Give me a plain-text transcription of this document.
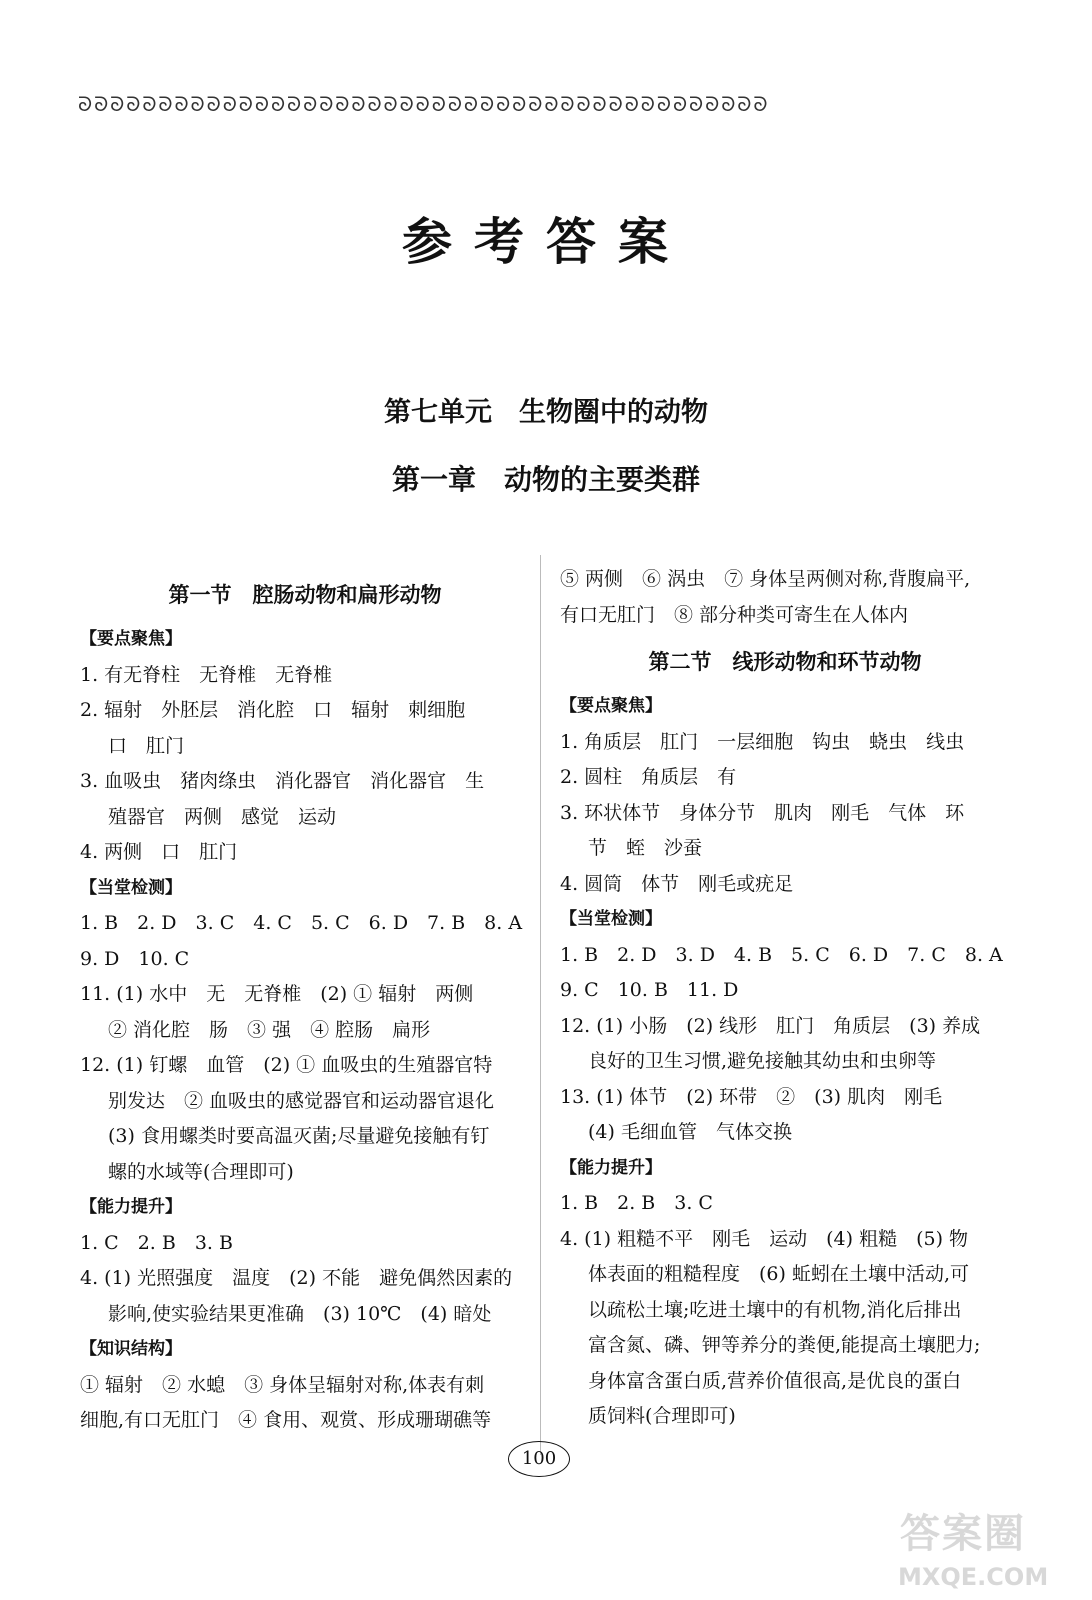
ᘐᘐᘐᘐᘐᘐᘐᘐᘐᘐᘐᘐᘐᘐᘐᘐᘐᘐᘐᘐᘐᘐᘐᘐᘐᘐᘐᘐᘐᘐᘐᘐᘐᘐᘐᘐᘐᘐᘐᘐᘐᘐᘐ
参考答案
第七单元　生物圈中的动物
第一章　动物的主要类群
第一节　腔肠动物和扁形动物
【要点聚焦】
1. 有无脊柱　无脊椎　无脊椎
2. 辐射　外胚层　消化腔　口　辐射　刺细胞
口　肛门
3. 血吸虫　猪肉绦虫　消化器官　消化器官　生
殖器官　两侧　感觉　运动
4. 两侧　口　肛门
【当堂检测】
1. B　2. D　3. C　4. C　5. C　6. D　7. B　8. A
9. D　10. C
11. (1) 水中　无　无脊椎　(2) ① 辐射　两侧
② 消化腔　肠　③ 强　④ 腔肠　扁形
12. (1) 钉螺　血管　(2) ① 血吸虫的生殖器官特
别发达　② 血吸虫的感觉器官和运动器官退化
(3) 食用螺类时要高温灭菌;尽量避免接触有钉
螺的水域等(合理即可)
【能力提升】
1. C　2. B　3. B
4. (1) 光照强度　温度　(2) 不能　避免偶然因素的
影响,使实验结果更准确　(3) 10℃　(4) 暗处
【知识结构】
① 辐射　② 水螅　③ 身体呈辐射对称,体表有刺
细胞,有口无肛门　④ 食用、观赏、形成珊瑚礁等
⑤ 两侧　⑥ 涡虫　⑦ 身体呈两侧对称,背腹扁平,
有口无肛门　⑧ 部分种类可寄生在人体内
第二节　线形动物和环节动物
【要点聚焦】
1. 角质层　肛门　一层细胞　钩虫　蛲虫　线虫
2. 圆柱　角质层　有
3. 环状体节　身体分节　肌肉　刚毛　气体　环
节　蛭　沙蚕
4. 圆筒　体节　刚毛或疣足
【当堂检测】
1. B　2. D　3. D　4. B　5. C　6. D　7. C　8. A
9. C　10. B　11. D
12. (1) 小肠　(2) 线形　肛门　角质层　(3) 养成
良好的卫生习惯,避免接触其幼虫和虫卵等
13. (1) 体节　(2) 环带　②　(3) 肌肉　刚毛
(4) 毛细血管　气体交换
【能力提升】
1. B　2. B　3. C
4. (1) 粗糙不平　刚毛　运动　(4) 粗糙　(5) 物
体表面的粗糙程度　(6) 蚯蚓在土壤中活动,可
以疏松土壤;吃进土壤中的有机物,消化后排出
富含氮、磷、钾等养分的粪便,能提高土壤肥力;
身体富含蛋白质,营养价值很高,是优良的蛋白
质饲料(合理即可)
100
答案圈
MXQE.COM
